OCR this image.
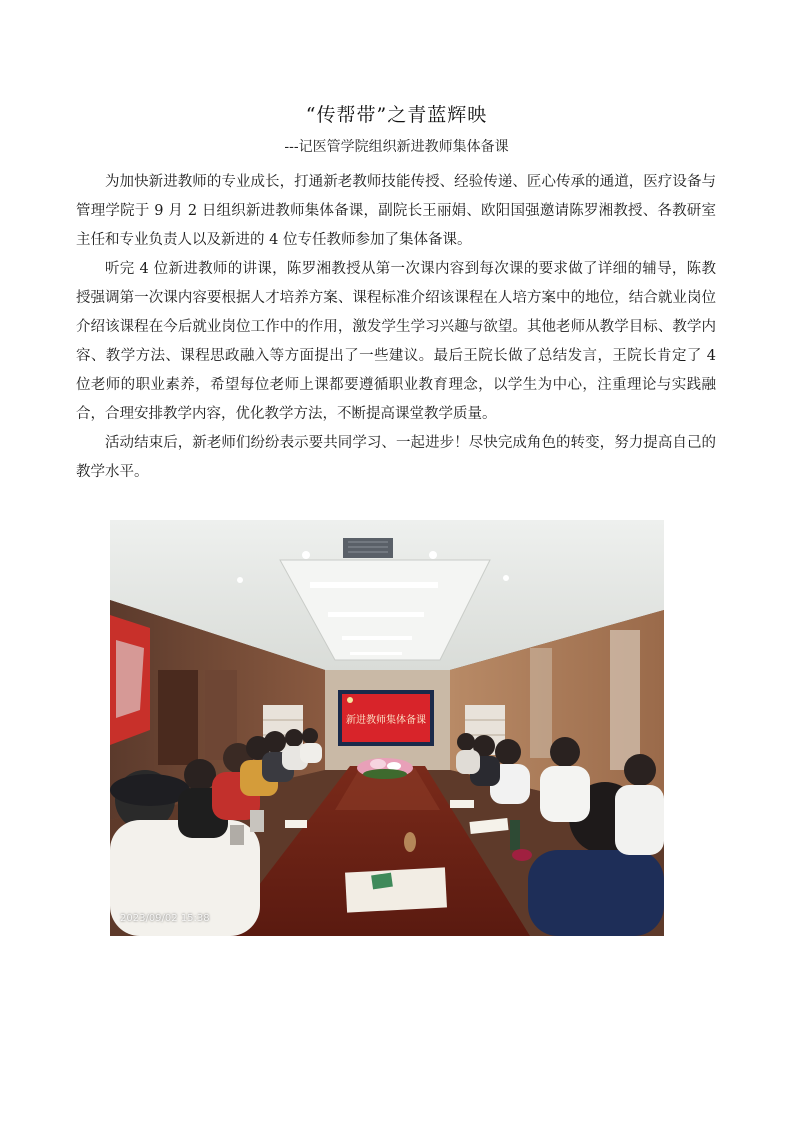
“传帮带”之青蓝辉映
---记医管学院组织新进教师集体备课

为加快新进教师的专业成长，打通新老教师技能传授、经验传递、匠心传承的通道，医疗设备与管理学院于 9 月 2 日组织新进教师集体备课，副院长王丽娟、欧阳国强邀请陈罗湘教授、各教研室主任和专业负责人以及新进的 4 位专任教师参加了集体备课。

听完 4 位新进教师的讲课，陈罗湘教授从第一次课内容到每次课的要求做了详细的辅导，陈教授强调第一次课内容要根据人才培养方案、课程标准介绍该课程在人培方案中的地位，结合就业岗位介绍该课程在今后就业岗位工作中的作用，激发学生学习兴趣与欲望。其他老师从教学目标、教学内容、教学方法、课程思政融入等方面提出了一些建议。最后王院长做了总结发言，王院长肯定了 4 位老师的职业素养，希望每位老师上课都要遵循职业教育理念，以学生为中心，注重理论与实践融合，合理安排教学内容，优化教学方法，不断提高课堂教学质量。

活动结束后，新老师们纷纷表示要共同学习、一起进步！尽快完成角色的转变，努力提高自己的教学水平。

新进教师集体备课
2023/09/02 15:38
